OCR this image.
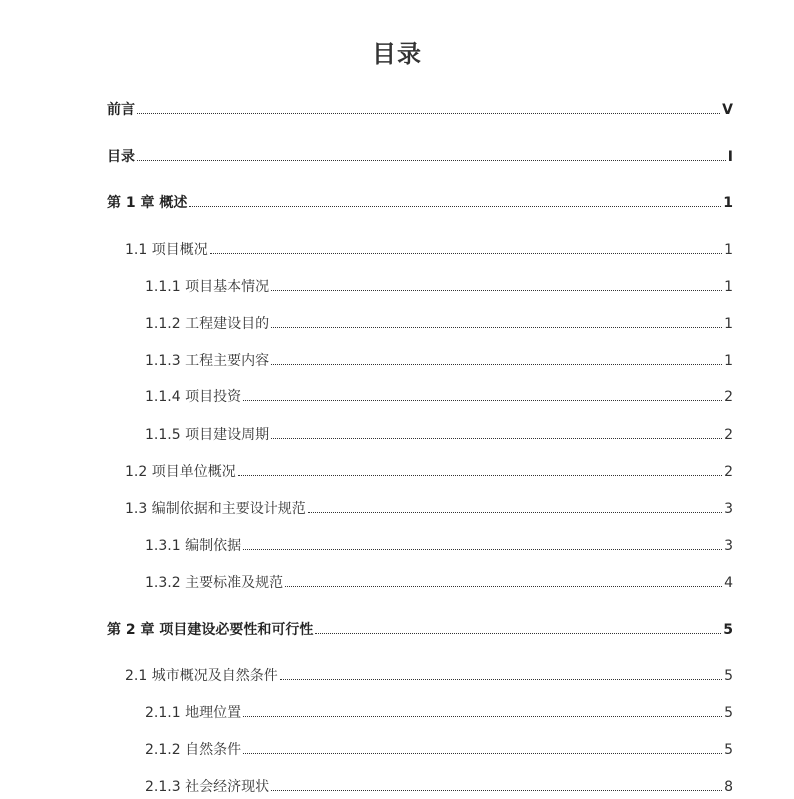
目录
前言	V
目录	I
第 1 章 概述	1
1.1 项目概况	1
1.1.1 项目基本情况	1
1.1.2 工程建设目的	1
1.1.3 工程主要内容	1
1.1.4 项目投资	2
1.1.5 项目建设周期	2
1.2 项目单位概况	2
1.3 编制依据和主要设计规范	3
1.3.1 编制依据	3
1.3.2 主要标准及规范	4
第 2 章 项目建设必要性和可行性	5
2.1 城市概况及自然条件	5
2.1.1 地理位置	5
2.1.2 自然条件	5
2.1.3 社会经济现状	8
